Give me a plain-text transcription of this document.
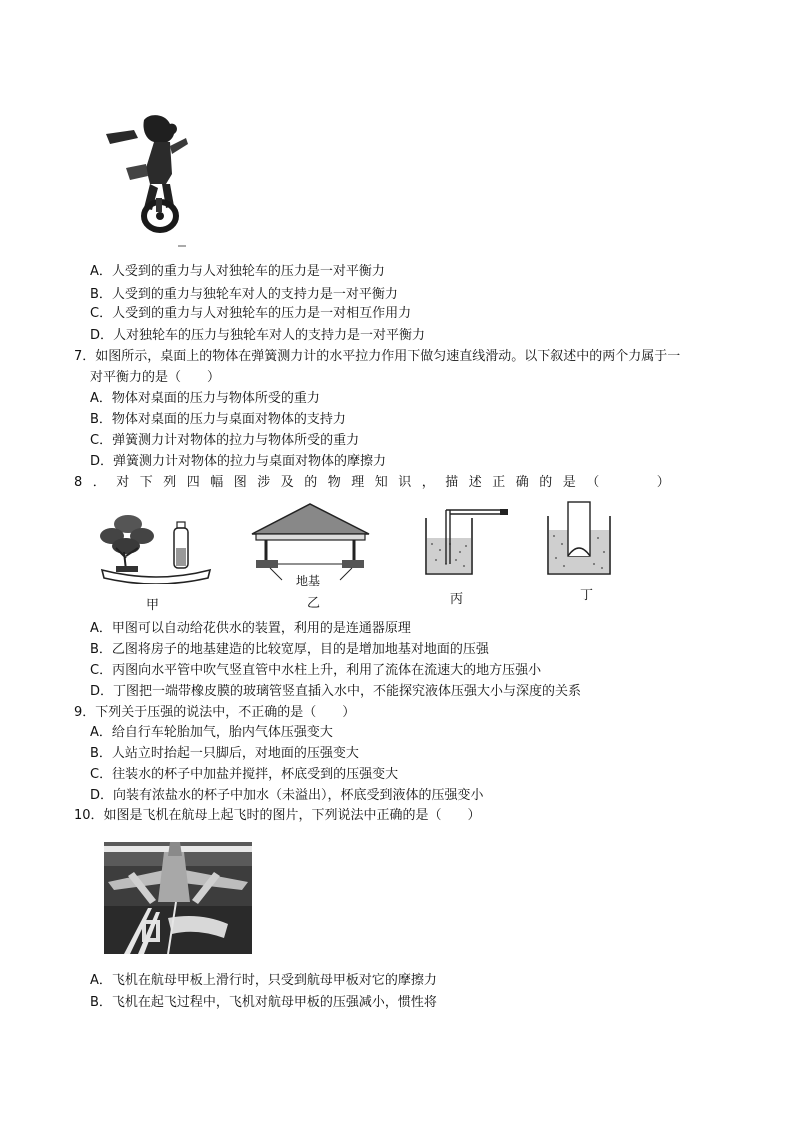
A．人受到的重力与人对独轮车的压力是一对平衡力
B．人受到的重力与独轮车对人的支持力是一对平衡力
C．人受到的重力与人对独轮车的压力是一对相互作用力
D．人对独轮车的压力与独轮车对人的支持力是一对平衡力
7．如图所示，桌面上的物体在弹簧测力计的水平拉力作用下做匀速直线滑动。以下叙述中的两个力属于一
对平衡力的是（　　）
A．物体对桌面的压力与物体所受的重力
B．物体对桌面的压力与桌面对物体的支持力
C．弹簧测力计对物体的拉力与物体所受的重力
D．弹簧测力计对物体的拉力与桌面对物体的摩擦力
8．对下列四幅图涉及的物理知识，描述正确的是（　　）
甲
地基
乙	丙	丁
A．甲图可以自动给花供水的装置，利用的是连通器原理
B．乙图将房子的地基建造的比较宽厚，目的是增加地基对地面的压强
C．丙图向水平管中吹气竖直管中水柱上升，利用了流体在流速大的地方压强小
D．丁图把一端带橡皮膜的玻璃管竖直插入水中，不能探究液体压强大小与深度的关系
9．下列关于压强的说法中，不正确的是（　　）
A．给自行车轮胎加气，胎内气体压强变大
B．人站立时抬起一只脚后，对地面的压强变大
C．往装水的杯子中加盐并搅拌，杯底受到的压强变大
D．向装有浓盐水的杯子中加水（未溢出），杯底受到液体的压强变小
10．如图是飞机在航母上起飞时的图片，下列说法中正确的是（　　）
A．飞机在航母甲板上滑行时，只受到航母甲板对它的摩擦力
B．飞机在起飞过程中，飞机对航母甲板的压强减小，惯性将
